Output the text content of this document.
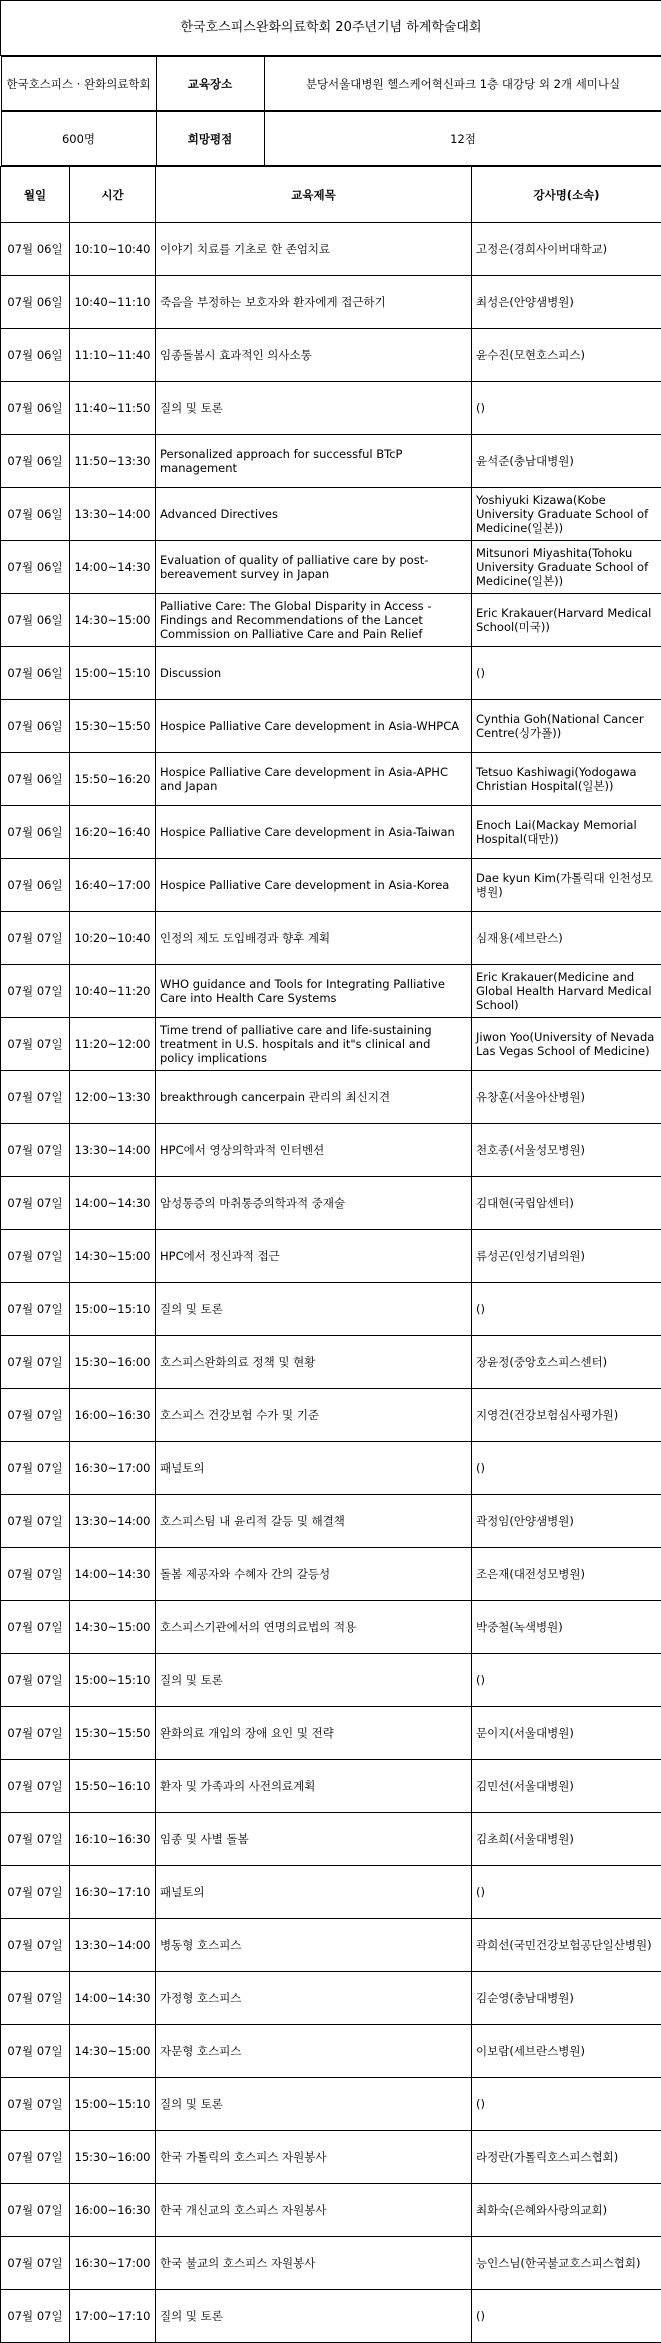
한국호스피스완화의료학회 20주년기념 하계학술대회

한국호스피스 · 완화의료학회	교육장소	분당서울대병원 헬스케어혁신파크 1층 대강당 외 2개 세미나실

600명	희망평점	12점

월일	시간	교육제목	강사명(소속)
07월 06일	10:10~10:40	이야기 치료를 기초로 한 존엄치료	고정은(경희사이버대학교)
07월 06일	10:40~11:10	죽음을 부정하는 보호자와 환자에게 접근하기	최성은(안양샘병원)
07월 06일	11:10~11:40	임종돌봄시 효과적인 의사소통	윤수진(모현호스피스)
07월 06일	11:40~11:50	질의 및 토론	()
07월 06일	11:50~13:30	Personalized approach for successful BTcP management	윤석준(충남대병원)
07월 06일	13:30~14:00	Advanced Directives	Yoshiyuki Kizawa(Kobe University Graduate School of Medicine(일본))
07월 06일	14:00~14:30	Evaluation of quality of palliative care by post-bereavement survey in Japan	Mitsunori Miyashita(Tohoku University Graduate School of Medicine(일본))
07월 06일	14:30~15:00	Palliative Care: The Global Disparity in Access - Findings and Recommendations of the Lancet Commission on Palliative Care and Pain Relief	Eric Krakauer(Harvard Medical School(미국))
07월 06일	15:00~15:10	Discussion	()
07월 06일	15:30~15:50	Hospice Palliative Care development in Asia-WHPCA	Cynthia Goh(National Cancer Centre(싱가폴))
07월 06일	15:50~16:20	Hospice Palliative Care development in Asia-APHC and Japan	Tetsuo Kashiwagi(Yodogawa Christian Hospital(일본))
07월 06일	16:20~16:40	Hospice Palliative Care development in Asia-Taiwan	Enoch Lai(Mackay Memorial Hospital(대만))
07월 06일	16:40~17:00	Hospice Palliative Care development in Asia-Korea	Dae kyun Kim(가톨릭대 인천성모병원)
07월 07일	10:20~10:40	인정의 제도 도입배경과 향후 계획	심재용(세브란스)
07월 07일	10:40~11:20	WHO guidance and Tools for Integrating Palliative Care into Health Care Systems	Eric Krakauer(Medicine and Global Health Harvard Medical School)
07월 07일	11:20~12:00	Time trend of palliative care and life-sustaining treatment in U.S. hospitals and it"s clinical and policy implications	Jiwon Yoo(University of Nevada Las Vegas School of Medicine)
07월 07일	12:00~13:30	breakthrough cancerpain 관리의 최신지견	유창훈(서울아산병원)
07월 07일	13:30~14:00	HPC에서 영상의학과적 인터벤션	천호종(서울성모병원)
07월 07일	14:00~14:30	암성통증의 마취통증의학과적 중재술	김대현(국립암센터)
07월 07일	14:30~15:00	HPC에서 정신과적 접근	류성곤(인성기념의원)
07월 07일	15:00~15:10	질의 및 토론	()
07월 07일	15:30~16:00	호스피스완화의료 정책 및 현황	장윤정(중앙호스피스센터)
07월 07일	16:00~16:30	호스피스 건강보험 수가 및 기준	지영건(건강보험심사평가원)
07월 07일	16:30~17:00	패널토의	()
07월 07일	13:30~14:00	호스피스팀 내 윤리적 갈등 및 해결책	곽정임(안양샘병원)
07월 07일	14:00~14:30	돌봄 제공자와 수혜자 간의 갈등성	조은재(대전성모병원)
07월 07일	14:30~15:00	호스피스기관에서의 연명의료법의 적용	박중철(녹색병원)
07월 07일	15:00~15:10	질의 및 토론	()
07월 07일	15:30~15:50	완화의료 개입의 장애 요인 및 전략	문이지(서울대병원)
07월 07일	15:50~16:10	환자 및 가족과의 사전의료계획	김민선(서울대병원)
07월 07일	16:10~16:30	임종 및 사별 돌봄	김초희(서울대병원)
07월 07일	16:30~17:10	패널토의	()
07월 07일	13:30~14:00	병동형 호스피스	곽희선(국민건강보험공단일산병원)
07월 07일	14:00~14:30	가정형 호스피스	김순영(충남대병원)
07월 07일	14:30~15:00	자문형 호스피스	이보람(세브란스병원)
07월 07일	15:00~15:10	질의 및 토론	()
07월 07일	15:30~16:00	한국 가톨릭의 호스피스 자원봉사	라정란(가톨릭호스피스협회)
07월 07일	16:00~16:30	한국 개신교의 호스피스 자원봉사	최화숙(은혜와사랑의교회)
07월 07일	16:30~17:00	한국 불교의 호스피스 자원봉사	능인스님(한국불교호스피스협회)
07월 07일	17:00~17:10	질의 및 토론	()
